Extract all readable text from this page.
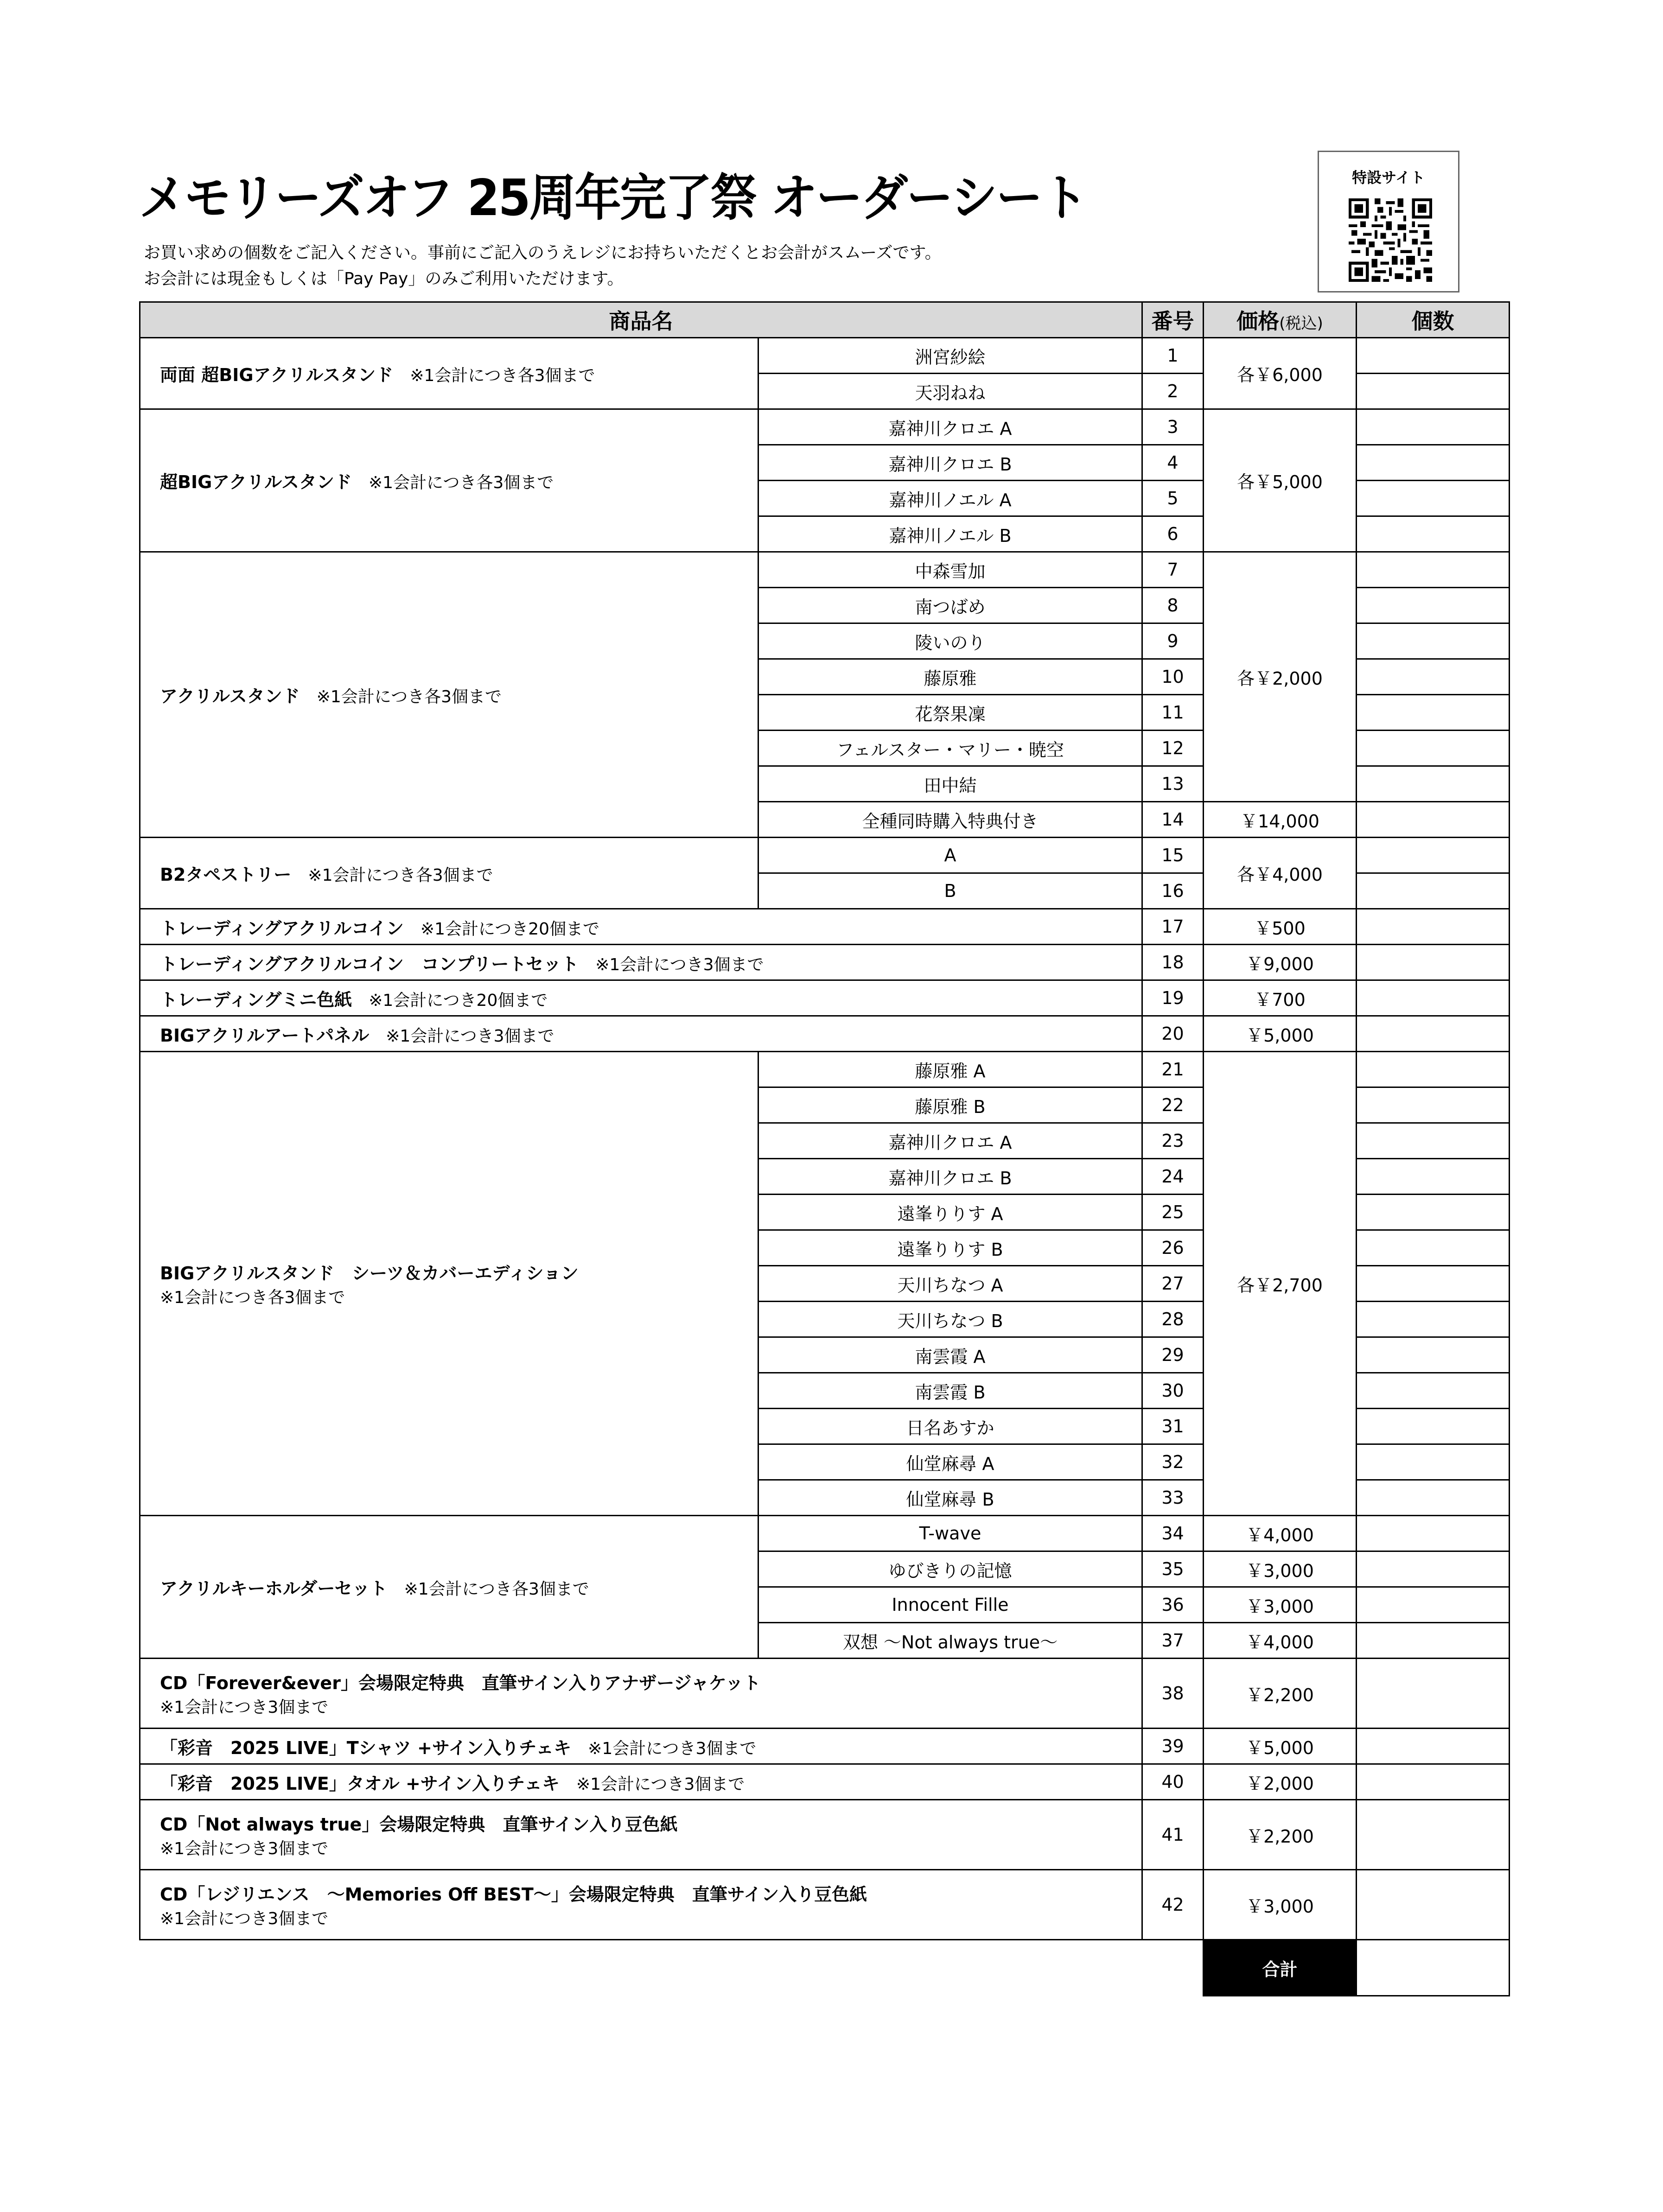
メモリーズオフ 25周年完了祭 オーダーシート
お買い求めの個数をご記入ください。事前にご記入のうえレジにお持ちいただくとお会計がスムーズです。
お会計には現金もしくは「Pay Pay」のみご利用いただけます。
特設サイト
商品名		番号	価格(税込)	個数
両面 超BIGアクリルスタンド ※1会計につき各3個まで	洲宮紗絵	1	各￥6,000	
	天羽ねね	2		
超BIGアクリルスタンド ※1会計につき各3個まで	嘉神川クロエ A	3	各￥5,000	
	嘉神川クロエ B	4		
	嘉神川ノエル A	5		
	嘉神川ノエル B	6		
アクリルスタンド ※1会計につき各3個まで	中森雪加	7	各￥2,000	
	南つばめ	8		
	陵いのり	9		
	藤原雅	10		
	花祭果凜	11		
	フェルスター・マリー・暁空	12		
	田中結	13		
	全種同時購入特典付き	14	￥14,000	
B2タペストリー ※1会計につき各3個まで	A	15	各￥4,000	
	B	16		
トレーディングアクリルコイン ※1会計につき20個まで		17	￥500	
トレーディングアクリルコイン　コンプリートセット ※1会計につき3個まで		18	￥9,000	
トレーディングミニ色紙 ※1会計につき20個まで		19	￥700	
BIGアクリルアートパネル ※1会計につき3個まで		20	￥5,000	
BIGアクリルスタンド　シーツ＆カバーエディション
※1会計につき各3個まで	藤原雅 A	21	各￥2,700	
	藤原雅 B	22		
	嘉神川クロエ A	23		
	嘉神川クロエ B	24		
	遠峯りりす A	25		
	遠峯りりす B	26		
	天川ちなつ A	27		
	天川ちなつ B	28		
	南雲霞 A	29		
	南雲霞 B	30		
	日名あすか	31		
	仙堂麻尋 A	32		
	仙堂麻尋 B	33		
アクリルキーホルダーセット ※1会計につき各3個まで	T-wave	34	￥4,000	
	ゆびきりの記憶	35	￥3,000	
	Innocent Fille	36	￥3,000	
	双想 ～Not always true～	37	￥4,000	
CD「Forever&ever」会場限定特典　直筆サイン入りアナザージャケット
※1会計につき3個まで		38	￥2,200	
「彩音　2025 LIVE」Tシャツ +サイン入りチェキ ※1会計につき3個まで		39	￥5,000	
「彩音　2025 LIVE」タオル +サイン入りチェキ ※1会計につき3個まで		40	￥2,000	
CD「Not always true」会場限定特典　直筆サイン入り豆色紙
※1会計につき3個まで		41	￥2,200	
CD「レジリエンス　～Memories Off BEST～」会場限定特典　直筆サイン入り豆色紙
※1会計につき3個まで		42	￥3,000	
			合計	
